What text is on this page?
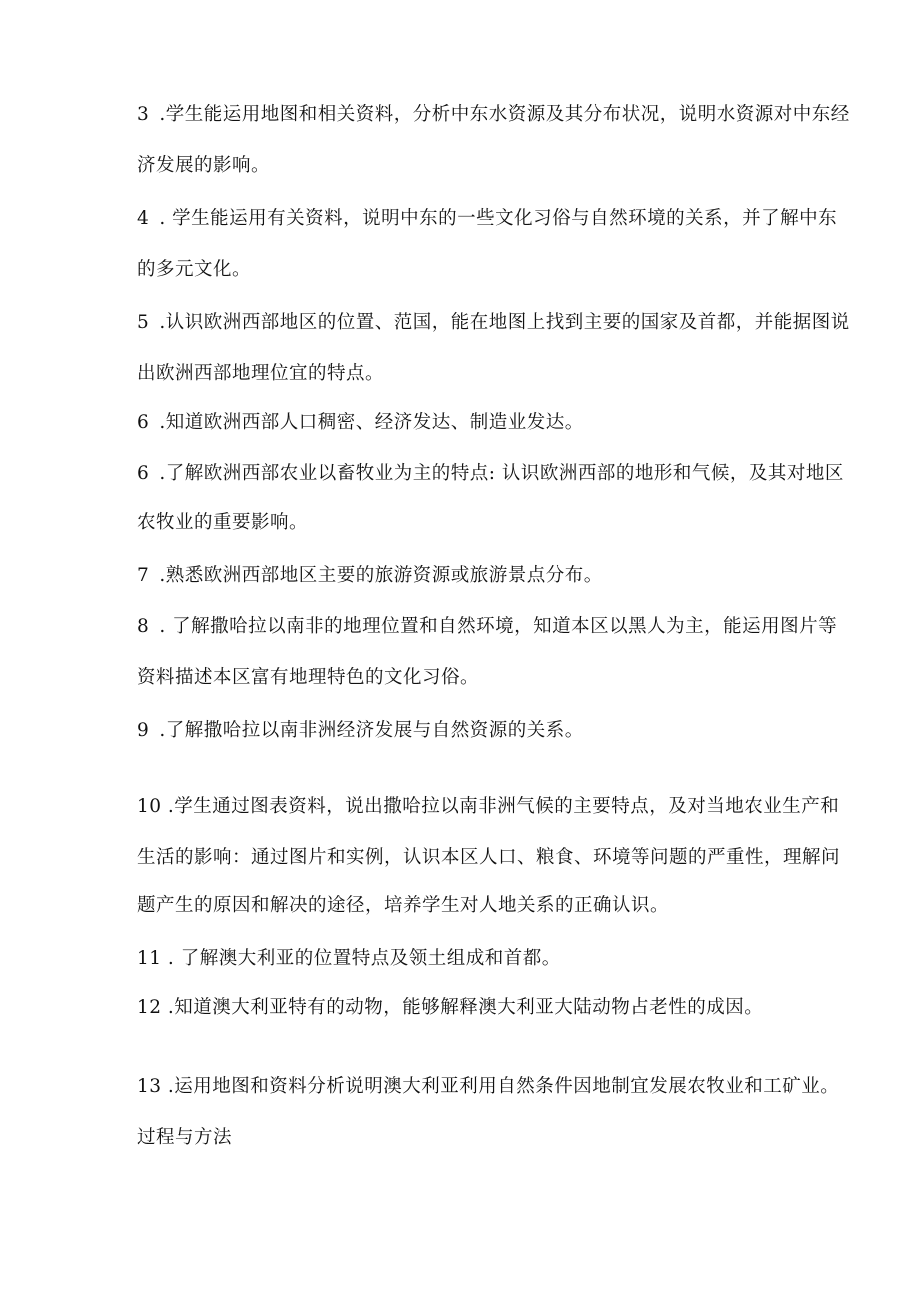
3 .学生能运用地图和相关资料，分析中东水资源及其分布状况，说明水资源对中东经
济发展的影响。
4 . 学生能运用有关资料，说明中东的一些文化习俗与自然环境的关系，并了解中东
的多元文化。
5 .认识欧洲西部地区的位置、范国，能在地图上找到主要的国家及首都，并能据图说
出欧洲西部地理位宜的特点。
6 .知道欧洲西部人口稠密、经济发达、制造业发达。
6 .了解欧洲西部农业以畜牧业为主的特点: 认识欧洲西部的地形和气候，及其对地区
农牧业的重要影响。
7 .熟悉欧洲西部地区主要的旅游资源或旅游景点分布。
8 . 了解撒哈拉以南非的地理位置和自然环境，知道本区以黑人为主，能运用图片等
资料描述本区富有地理特色的文化习俗。
9 .了解撒哈拉以南非洲经济发展与自然资源的关系。
10 .学生通过图表资料，说出撒哈拉以南非洲气候的主要特点，及对当地农业生产和
生活的影响：通过图片和实例，认识本区人口、粮食、环境等问题的严重性，理解问
题产生的原因和解决的途径，培养学生对人地关系的正确认识。
11 . 了解澳大利亚的位置特点及领土组成和首都。
12 .知道澳大利亚特有的动物，能够解释澳大利亚大陆动物占老性的成因。
13 .运用地图和资料分析说明澳大利亚利用自然条件因地制宜发展农牧业和工矿业。
过程与方法
